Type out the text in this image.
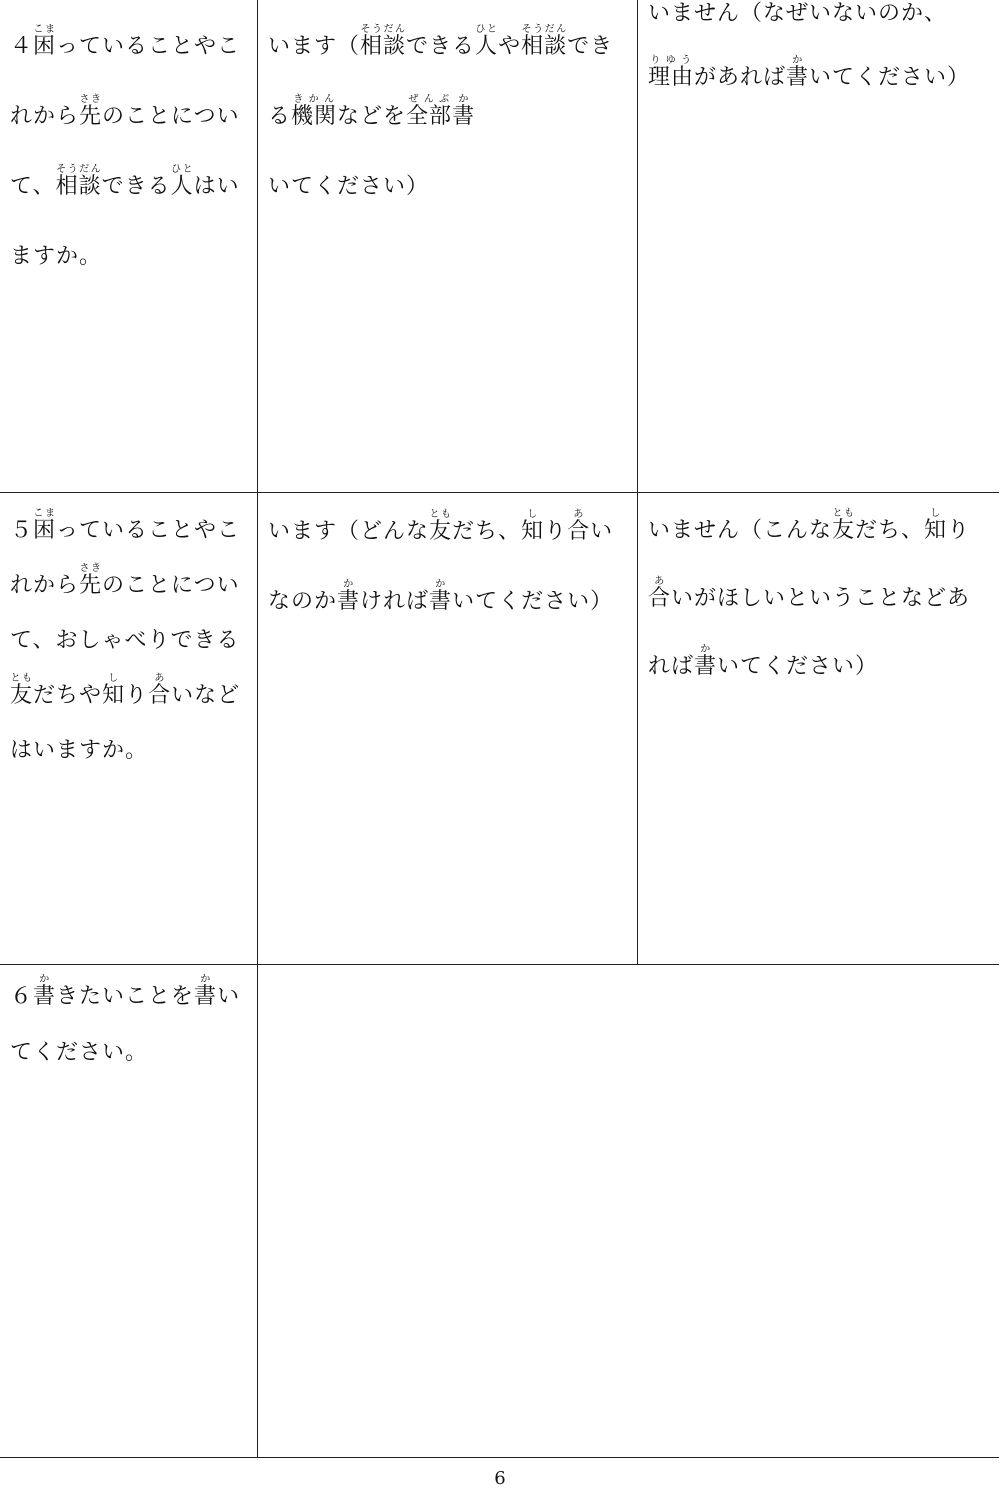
４困こまっていることやこれから先さきのことについて、相談そうだんできる人ひとはいますか。	います（相談そうだんできる人ひとや相談そうだんできる機関きかんなどを全部ぜんぶ書かいてください）	いません（なぜいないのか、理由りゆうがあれば書かいてください）

５困こまっていることやこれから先さきのことについて、おしゃべりできる友ともだちや知しり合あいなどはいますか。	います（どんな友ともだち、知しり合あいなのか書かければ書かいてください）	いません（こんな友ともだち、知しり合あいがほしいということなどあれば書かいてください）

６書かきたいことを書かいてください。		

6
